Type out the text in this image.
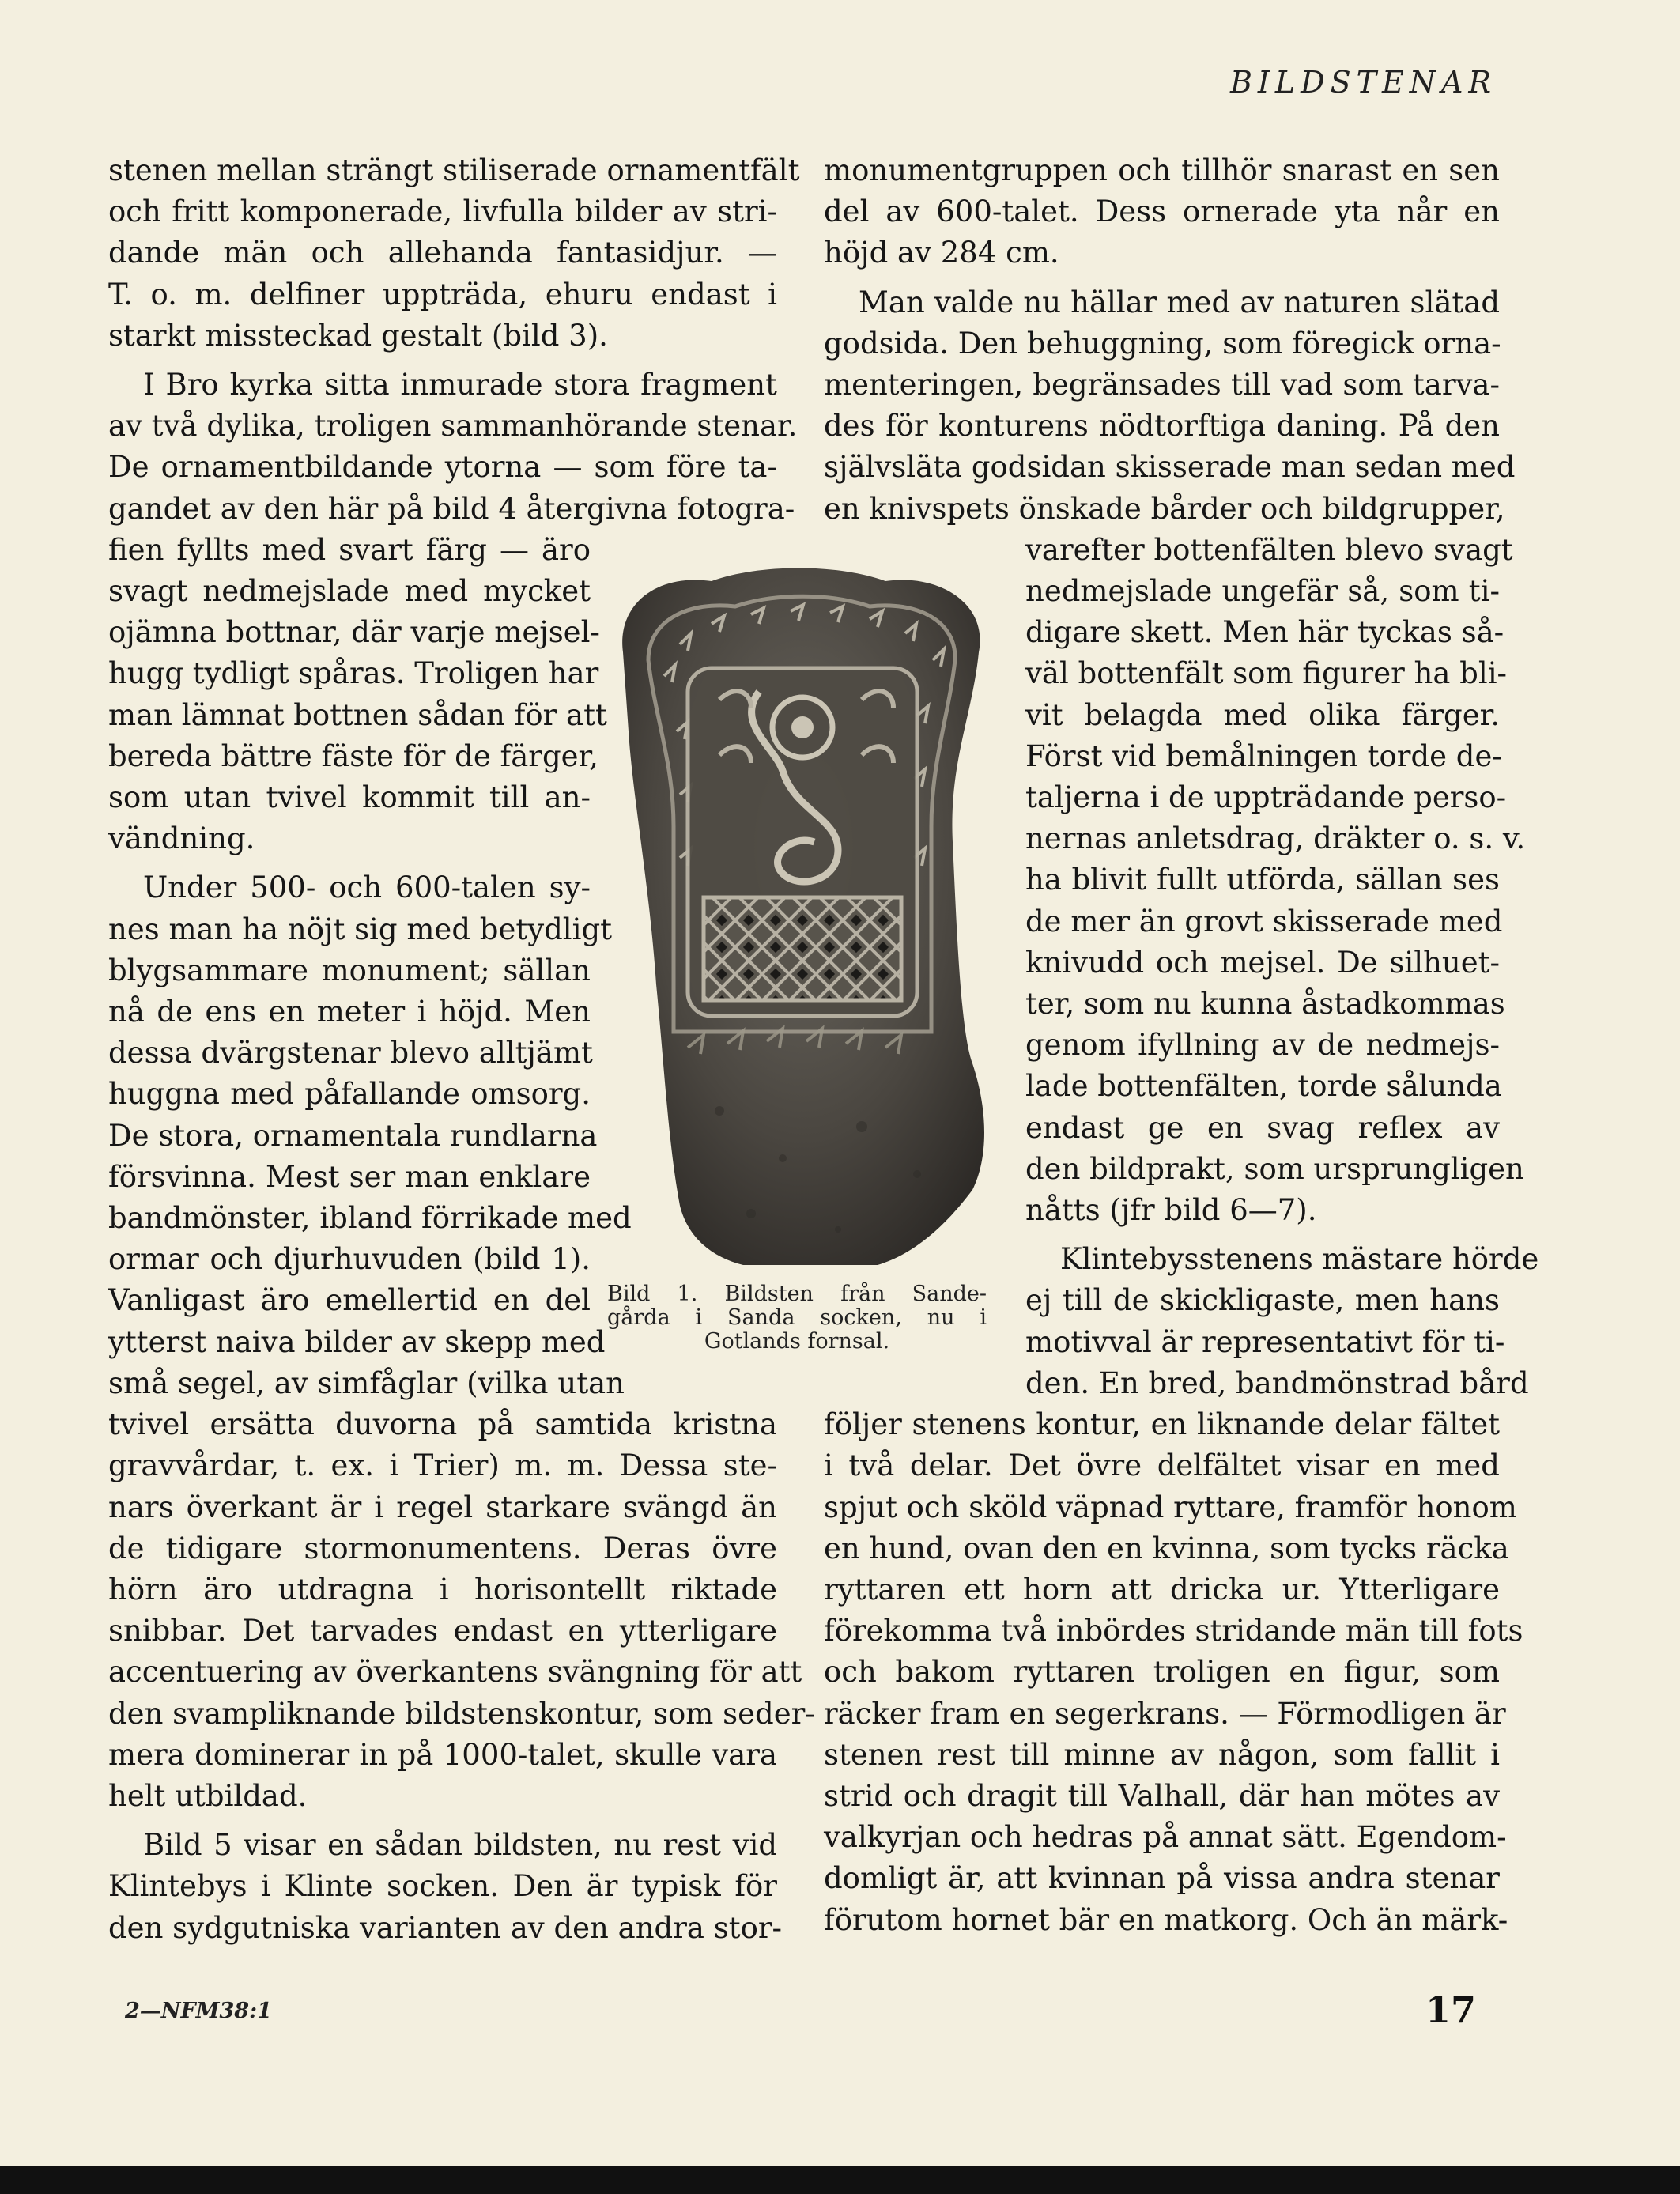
BILDSTENAR
stenen mellan strängt stiliserade ornamentfält
och fritt komponerade, livfulla bilder av stri-
dande män och allehanda fantasidjur. —
T. o. m. delfiner uppträda, ehuru endast i
starkt missteckad gestalt (bild 3).
I Bro kyrka sitta inmurade stora fragment
av två dylika, troligen sammanhörande stenar.
De ornamentbildande ytorna — som före ta-
gandet av den här på bild 4 återgivna fotogra-
fien fyllts med svart färg — äro
svagt nedmejslade med mycket
ojämna bottnar, där varje mejsel-
hugg tydligt spåras. Troligen har
man lämnat bottnen sådan för att
bereda bättre fäste för de färger,
som utan tvivel kommit till an-
vändning.
Under 500- och 600-talen sy-
nes man ha nöjt sig med betydligt
blygsammare monument; sällan
nå de ens en meter i höjd. Men
dessa dvärgstenar blevo alltjämt
huggna med påfallande omsorg.
De stora, ornamentala rundlarna
försvinna. Mest ser man enklare
bandmönster, ibland förrikade med
ormar och djurhuvuden (bild 1).
Vanligast äro emellertid en del
ytterst naiva bilder av skepp med
små segel, av simfåglar (vilka utan
tvivel ersätta duvorna på samtida kristna
gravvårdar, t. ex. i Trier) m. m. Dessa ste-
nars överkant är i regel starkare svängd än
de tidigare stormonumentens. Deras övre
hörn äro utdragna i horisontellt riktade
snibbar. Det tarvades endast en ytterligare
accentuering av överkantens svängning för att
den svampliknande bildstenskontur, som seder-
mera dominerar in på 1000-talet, skulle vara
helt utbildad.
Bild 5 visar en sådan bildsten, nu rest vid
Klintebys i Klinte socken. Den är typisk för
den sydgutniska varianten av den andra stor-
monumentgruppen och tillhör snarast en sen
del av 600-talet. Dess ornerade yta når en
höjd av 284 cm.
Man valde nu hällar med av naturen slätad
godsida. Den behuggning, som föregick orna-
menteringen, begränsades till vad som tarva-
des för konturens nödtorftiga daning. På den
självsläta godsidan skisserade man sedan med
en knivspets önskade bårder och bildgrupper,
varefter bottenfälten blevo svagt
nedmejslade ungefär så, som ti-
digare skett. Men här tyckas så-
väl bottenfält som figurer ha bli-
vit belagda med olika färger.
Först vid bemålningen torde de-
taljerna i de uppträdande perso-
nernas anletsdrag, dräkter o. s. v.
ha blivit fullt utförda, sällan ses
de mer än grovt skisserade med
knivudd och mejsel. De silhuet-
ter, som nu kunna åstadkommas
genom ifyllning av de nedmejs-
lade bottenfälten, torde sålunda
endast ge en svag reflex av
den bildprakt, som ursprungligen
nåtts (jfr bild 6—7).
Klintebysstenens mästare hörde
ej till de skickligaste, men hans
motivval är representativt för ti-
den. En bred, bandmönstrad bård
följer stenens kontur, en liknande delar fältet
i två delar. Det övre delfältet visar en med
spjut och sköld väpnad ryttare, framför honom
en hund, ovan den en kvinna, som tycks räcka
ryttaren ett horn att dricka ur. Ytterligare
förekomma två inbördes stridande män till fots
och bakom ryttaren troligen en figur, som
räcker fram en segerkrans. — Förmodligen är
stenen rest till minne av någon, som fallit i
strid och dragit till Valhall, där han mötes av
valkyrjan och hedras på annat sätt. Egendom-
domligt är, att kvinnan på vissa andra stenar
förutom hornet bär en matkorg. Och än märk-
Bild 1. Bildsten från Sande-
gårda i Sanda socken, nu i
Gotlands fornsal.
2—NFM38:1	17
